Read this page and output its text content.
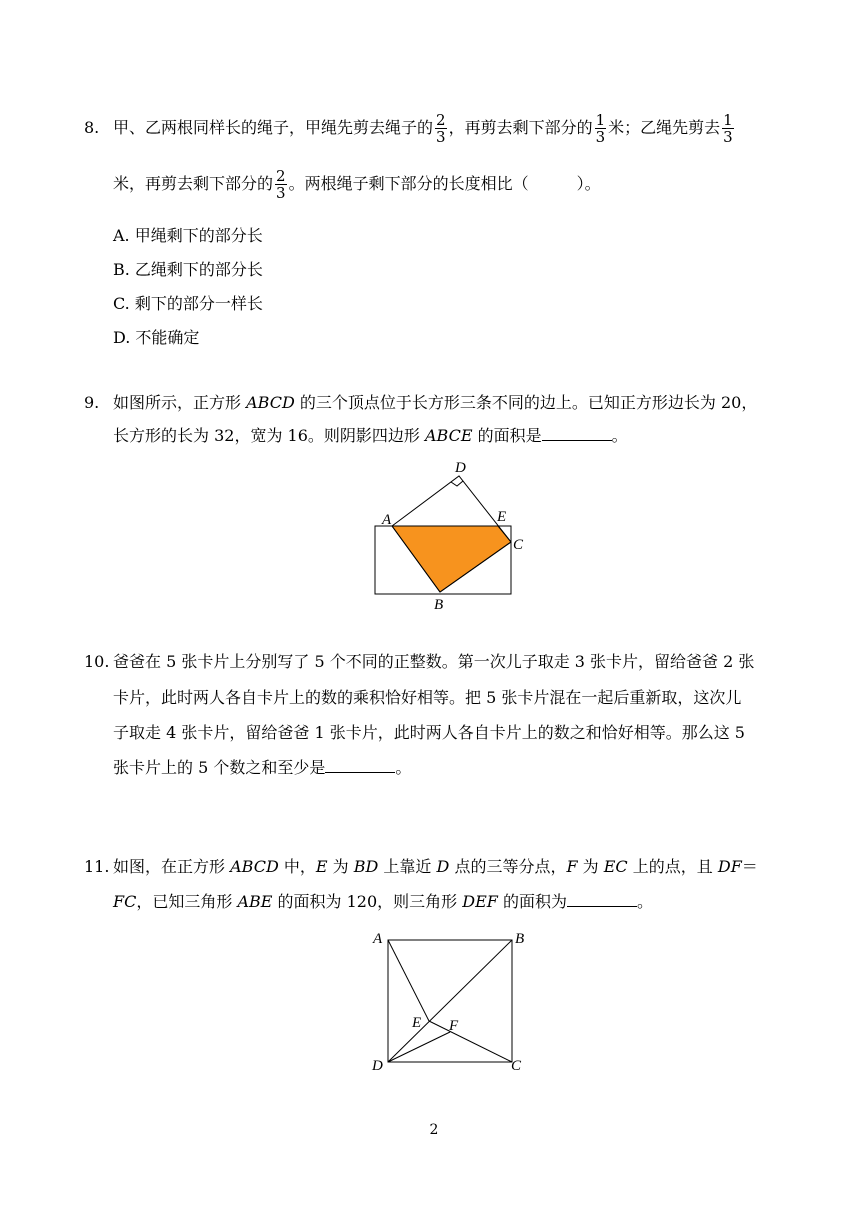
8. 甲、乙两根同样长的绳子，甲绳先剪去绳子的 $\frac{2}{3}$ ，再剪去剩下部分的 $\frac{1}{3}$ 米；乙绳先剪去 $\frac{1}{3}$
米，再剪去剩下部分的 $\frac{2}{3}$ 。两根绳子剩下部分的长度相比（　　　）。
A. 甲绳剩下的部分长
B. 乙绳剩下的部分长
C. 剩下的部分一样长
D. 不能确定
9. 如图所示，正方形 ABCD 的三个顶点位于长方形三条不同的边上。已知正方形边长为 20，
长方形的长为 32，宽为 16。则阴影四边形 ABCE 的面积是	。
D
A	E
C
B
A	B
E F
D	C
10. 爸爸在 5 张卡片上分别写了 5 个不同的正整数。第一次儿子取走 3 张卡片，留给爸爸 2 张
卡片，此时两人各自卡片上的数的乘积恰好相等。把 5 张卡片混在一起后重新取，这次儿
子取走 4 张卡片，留给爸爸 1 张卡片，此时两人各自卡片上的数之和恰好相等。那么这 5
张卡片上的 5 个数之和至少是	。
11. 如图，在正方形 ABCD 中，E 为 BD 上靠近 D 点的三等分点，F 为 EC 上的点，且 DF＝
FC，已知三角形 ABE 的面积为 120，则三角形 DEF 的面积为	。
2
